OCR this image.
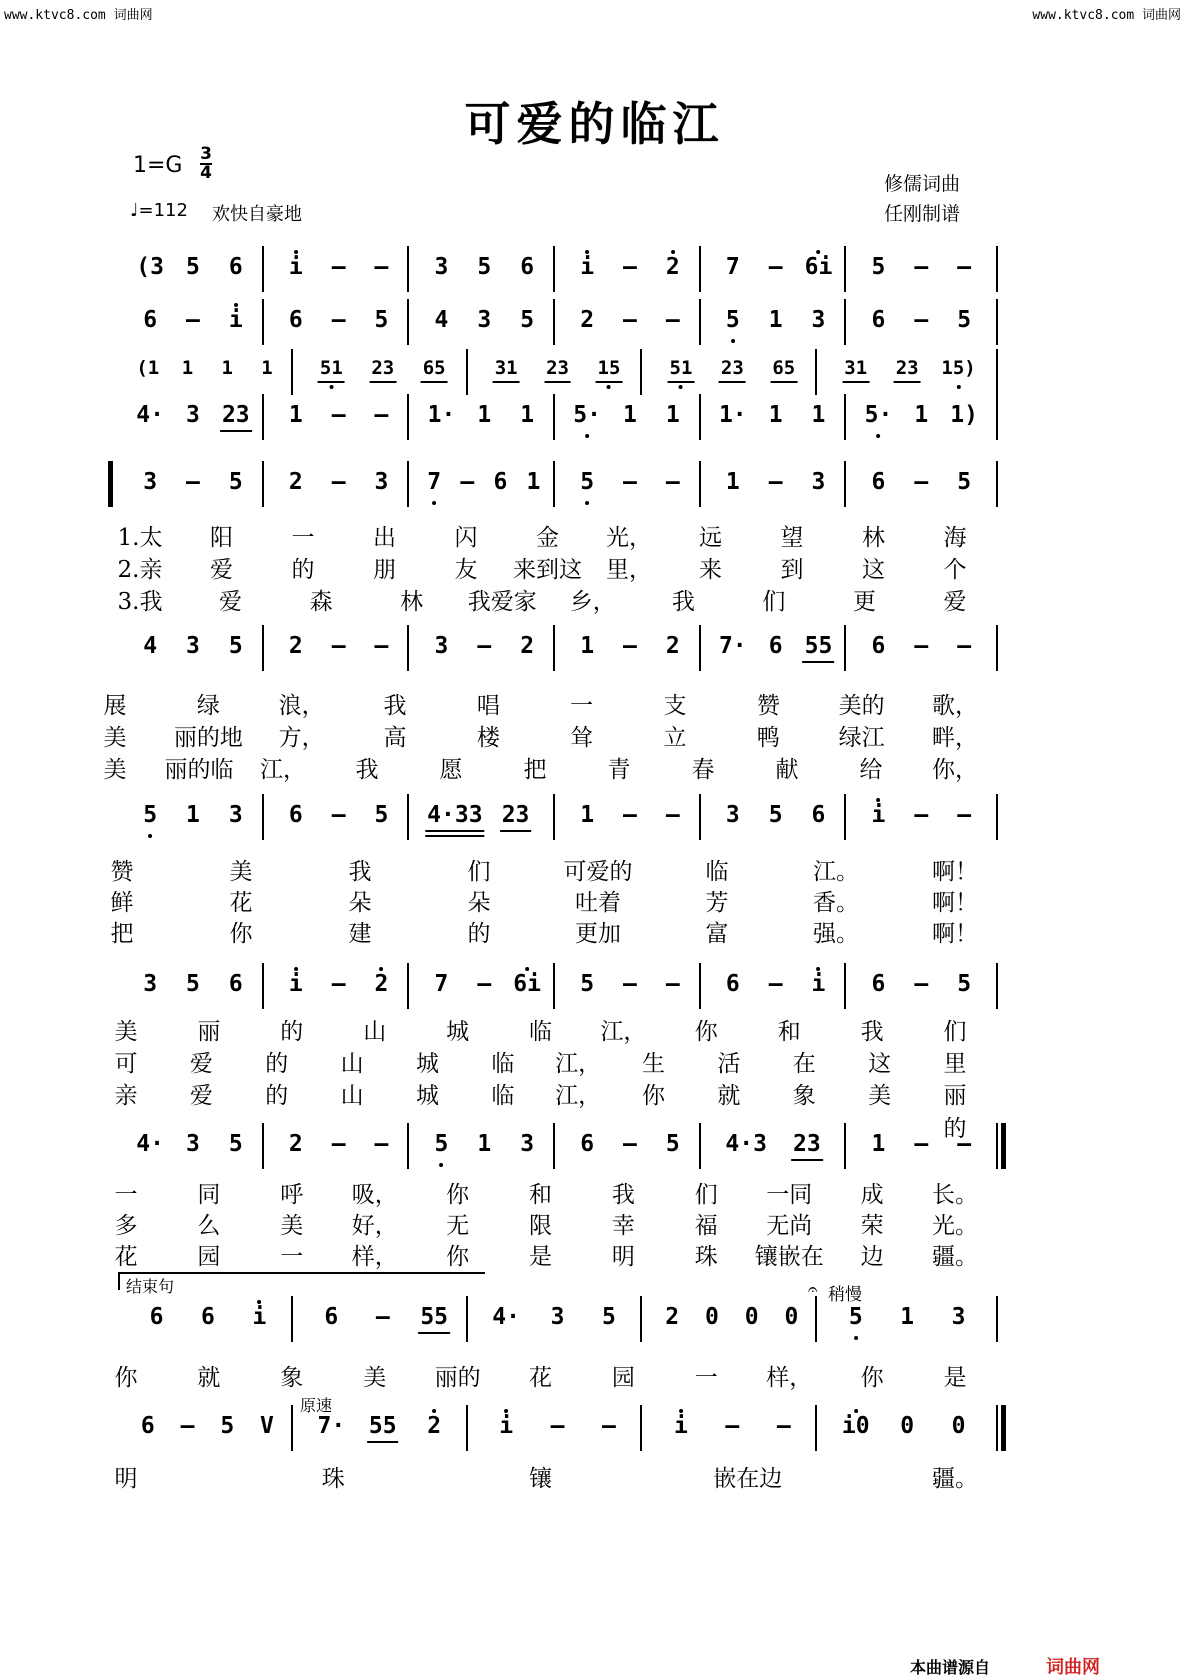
www.ktvc8.com 词曲网	www.ktvc8.com 词曲网
可爱的临江
1=G 3
4
♩=112 欢快自豪地
修儒词曲
任刚制谱
(3 5 6 i – – 3 5 6 i – 2 7 – 6i 5 – –
6 – i 6 – 5 4 3 5 2 – – 5 1 3 6 – 5
(1 1 1 1 51 23 65	31 23 15	51 23 65	31 23 15)
4· 3 23 1 – – 1· 1 1 5· 1 1 1· 1 1 5· 1 1)
3 – 5 2 – 3 7 – 6 1 5 – – 1 – 3 6 – 5
4 3 5 2 – – 3 – 2 1 – 2 7· 6 55 6 – –
5 1 3 6 – 5 4·33 23 1 – – 3 5 6 i – –
3 5 6 i – 2 7 – 6i 5 – – 6 – i 6 – 5
4· 3 5 2 – – 5 1 3 6 – 5 4·3 23 1 – –
6 6 i	6 – 55 4· 3 5 2 0 0 0 5 1 3
6 – 5 V 7· 55 2	i – –	i – – i0 0 0
1.太 阳	一	出	闪	金 光， 远	望	林	海
2.亲 爱	的	朋	友 来到这 里， 来	到	这	个
3.我 爱	森	林 我爱家 乡， 我	们	更	爱
展	绿	浪，	我	唱	一	支	赞	美的 歌，
美 丽的地 方，	高	楼	耸	立	鸭	绿江 畔，
美 丽的临 江， 我	愿	把	青	春	献	给 你，
赞	美	我	们	可爱的	临	江。	啊！
鲜	花	朵	朵	吐着	芳	香。	啊！
把	你	建	的	更加	富	强。	啊！
美	丽	的	山	城	临 江， 你	和	我	们
可 爱 的 山 城 临 江， 生 活 在 这 里
亲 爱 的 山 城 临 江， 你 就 象 美 丽的
一	同	呼 吸， 你	和	我	们 一同 成 长。
多	么	美 好， 无	限	幸	福 无尚 荣 光。
花	园	一 样， 你	是	明	珠 镶嵌在 边 疆。
你	就	象	美 丽的 花	园	一 样， 你	是
明	珠	镶	嵌在边	疆。
结束句	𝄐 稍慢
原速
本曲谱源自	词曲网
